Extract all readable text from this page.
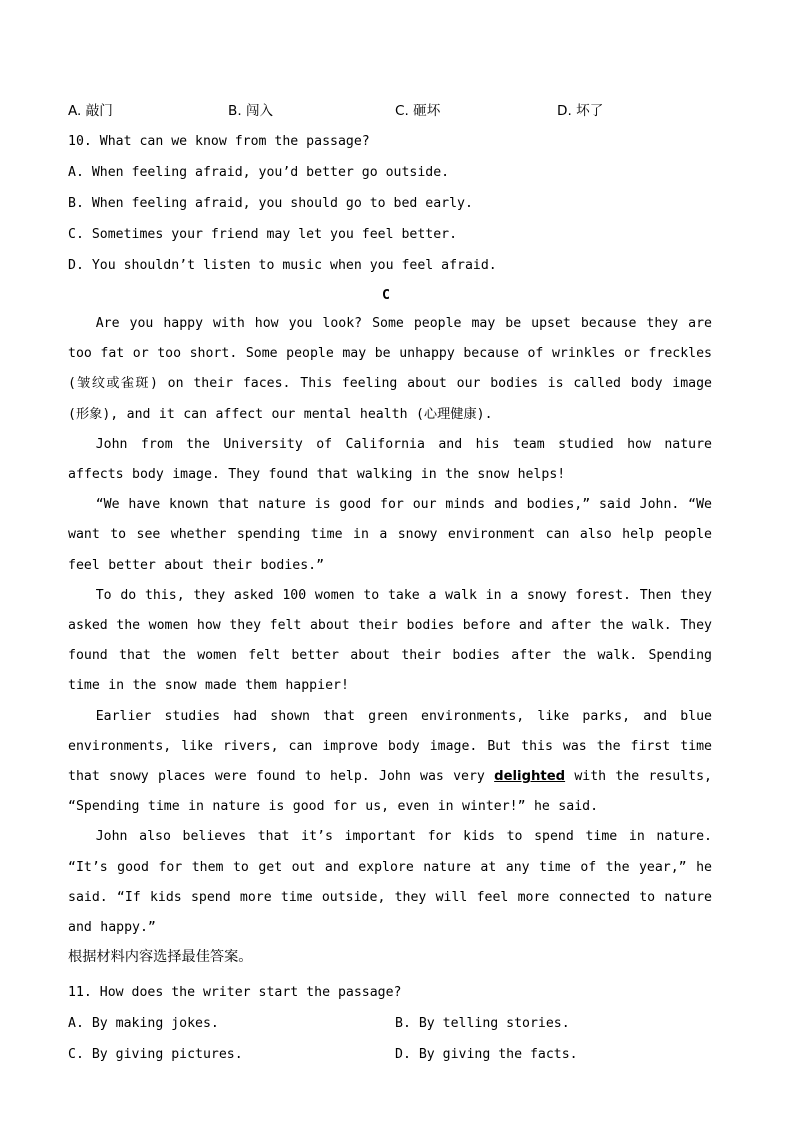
A. 敲门	B. 闯入	C. 砸坏	D. 坏了
10. What can we know from the passage?
A. When feeling afraid, you’d better go outside.
B. When feeling afraid, you should go to bed early.
C. Sometimes your friend may let you feel better.
D. You shouldn’t listen to music when you feel afraid.
C

Are you happy with how you look? Some people may be upset because they are too fat or too short. Some people may be unhappy because of wrinkles or freckles (皱纹或雀斑) on their faces. This feeling about our bodies is called body image (形象), and it can affect our mental health (心理健康).

John from the University of California and his team studied how nature affects body image. They found that walking in the snow helps!

“We have known that nature is good for our minds and bodies,” said John. “We want to see whether spending time in a snowy environment can also help people feel better about their bodies.”

To do this, they asked 100 women to take a walk in a snowy forest. Then they asked the women how they felt about their bodies before and after the walk. They found that the women felt better about their bodies after the walk. Spending time in the snow made them happier!

Earlier studies had shown that green environments, like parks, and blue environments, like rivers, can improve body image. But this was the first time that snowy places were found to help. John was very delighted with the results, “Spending time in nature is good for us, even in winter!” he said.

John also believes that it’s important for kids to spend time in nature. “It’s good for them to get out and explore nature at any time of the year,” he said. “If kids spend more time outside, they will feel more connected to nature and happy.”

根据材料内容选择最佳答案。
11. How does the writer start the passage?
A. By making jokes.	B. By telling stories.
C. By giving pictures.	D. By giving the facts.
